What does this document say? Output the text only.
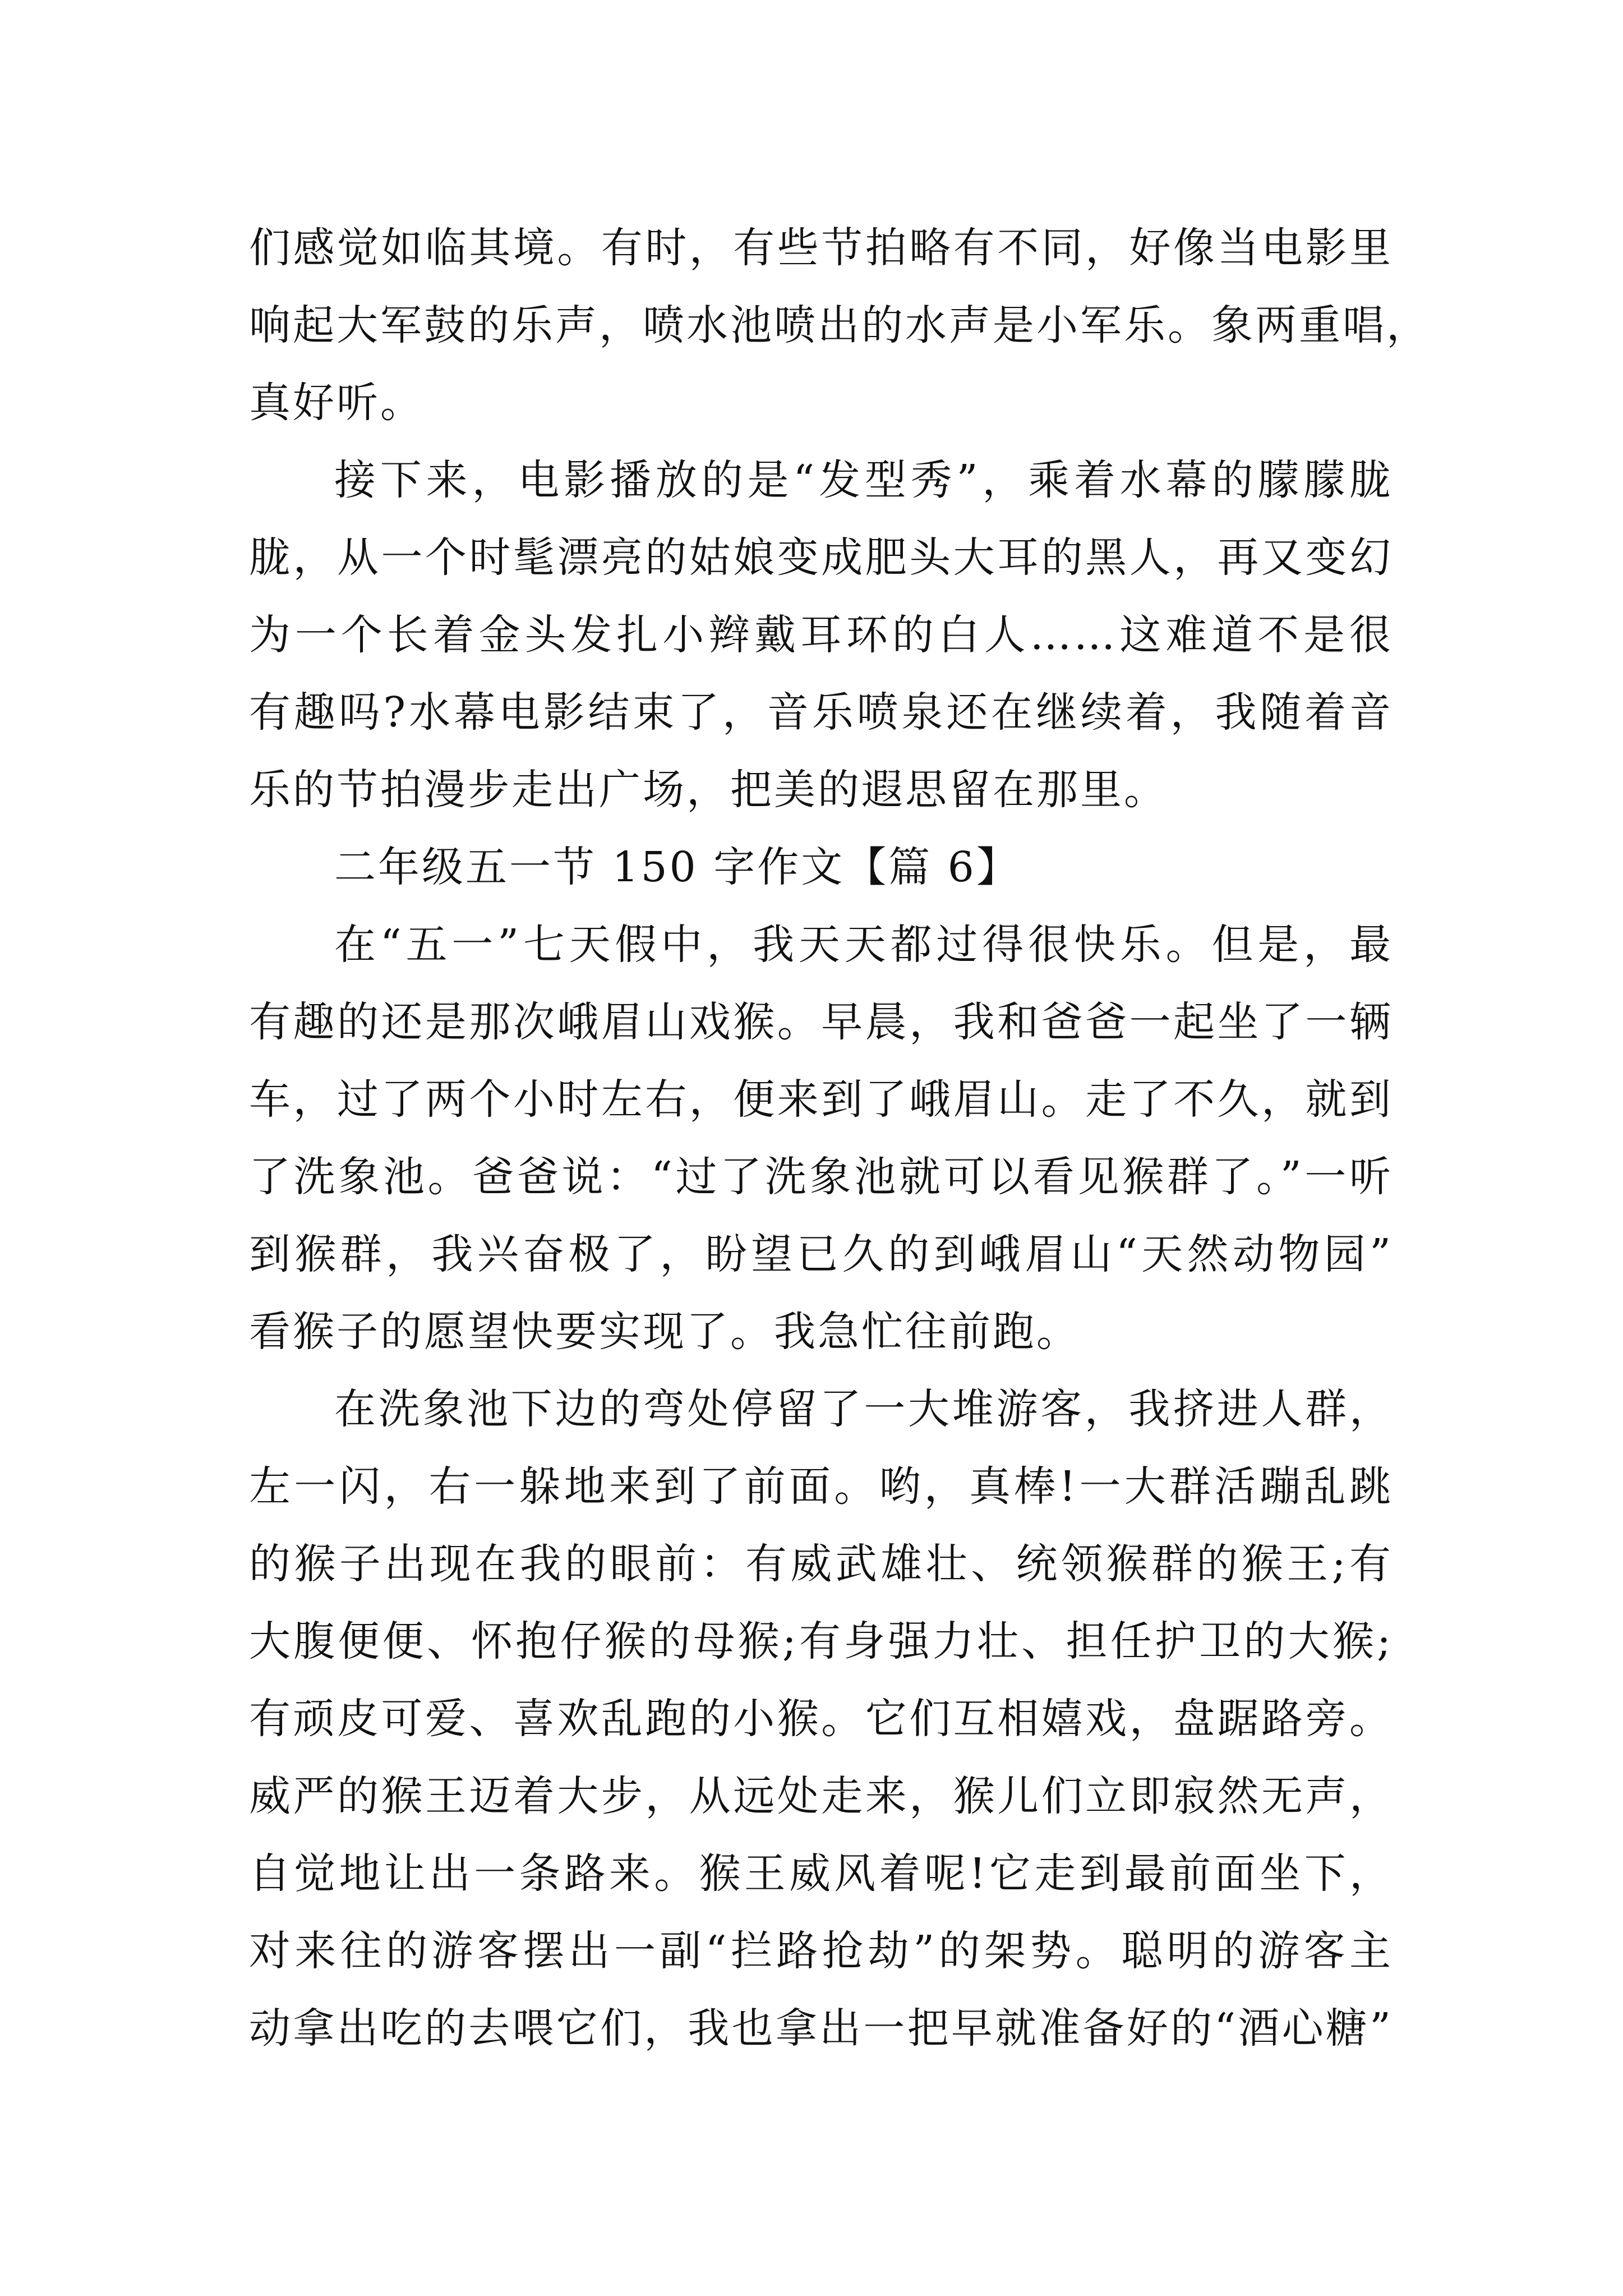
们感觉如临其境。有时，有些节拍略有不同，好像当电影里
响起大军鼓的乐声，喷水池喷出的水声是小军乐。象两重唱，
真好听。
接下来，电影播放的是“发型秀”，乘着水幕的朦朦胧
胧，从一个时髦漂亮的姑娘变成肥头大耳的黑人，再又变幻
为一个长着金头发扎小辫戴耳环的白人……这难道不是很
有趣吗?水幕电影结束了，音乐喷泉还在继续着，我随着音
乐的节拍漫步走出广场，把美的遐思留在那里。
二年级五一节 150 字作文【篇 6】
在“五一”七天假中，我天天都过得很快乐。但是，最
有趣的还是那次峨眉山戏猴。早晨，我和爸爸一起坐了一辆
车，过了两个小时左右，便来到了峨眉山。走了不久，就到
了洗象池。爸爸说：“过了洗象池就可以看见猴群了。”一听
到猴群，我兴奋极了，盼望已久的到峨眉山“天然动物园”
看猴子的愿望快要实现了。我急忙往前跑。
在洗象池下边的弯处停留了一大堆游客，我挤进人群，
左一闪，右一躲地来到了前面。哟，真棒!一大群活蹦乱跳
的猴子出现在我的眼前：有威武雄壮、统领猴群的猴王;有
大腹便便、怀抱仔猴的母猴;有身强力壮、担任护卫的大猴;
有顽皮可爱、喜欢乱跑的小猴。它们互相嬉戏，盘踞路旁。
威严的猴王迈着大步，从远处走来，猴儿们立即寂然无声，
自觉地让出一条路来。猴王威风着呢!它走到最前面坐下，
对来往的游客摆出一副“拦路抢劫”的架势。聪明的游客主
动拿出吃的去喂它们，我也拿出一把早就准备好的“酒心糖”
